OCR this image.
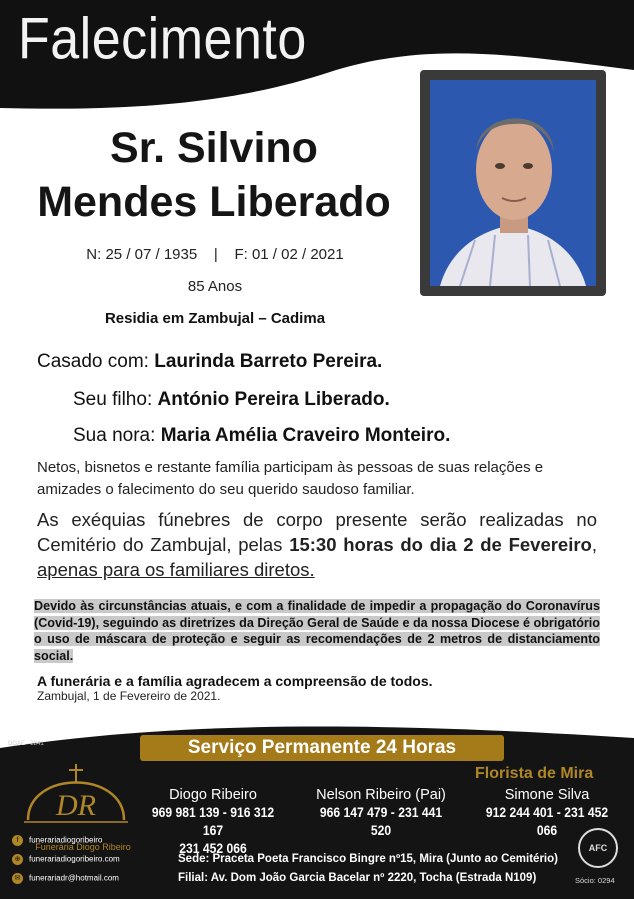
Falecimento
Sr. Silvino
Mendes Liberado
N: 25 / 07 / 1935    |    F: 01 / 02 / 2021
85 Anos
Residia em Zambujal – Cadima
Casado com: Laurinda Barreto Pereira.
Seu filho: António Pereira Liberado.
Sua nora: Maria Amélia Craveiro Monteiro.
Netos, bisnetos e restante família participam às pessoas de suas relações e amizades o falecimento do seu querido saudoso familiar.
As exéquias fúnebres de corpo presente serão realizadas no Cemitério do Zambujal, pelas 15:30 horas do dia 2 de Fevereiro, apenas para os familiares diretos.
Devido às circunstâncias atuais, e com a finalidade de impedir a propagação do Coronavírus (Covid-19), seguindo as diretrizes da Direção Geral de Saúde e da nossa Diocese é obrigatório o uso de máscara de proteção e seguir as recomendações de 2 metros de distanciamento social.
A funerária e a família agradecem a compreensão de todos.
Zambujal, 1 de Fevereiro de 2021.
DGAE - 2841	Serviço Permanente 24 Horas
Florista de Mira
DR
Funerária Diogo Ribeiro
Diogo Ribeiro
969 981 139 - 916 312 167
231 452 066
Nelson Ribeiro (Pai)
966 147 479 - 231 441 520
Simone Silva
912 244 401 - 231 452 066
f funerariadiogoribeiro
⊕ funerariadiogoribeiro.com
✉ funerariadr@hotmail.com
Sede: Praceta Poeta Francisco Bingre nº15, Mira (Junto ao Cemitério)
Filial: Av. Dom João Garcia Bacelar nº 2220, Tocha (Estrada N109)
AFC
Sócio: 0294
